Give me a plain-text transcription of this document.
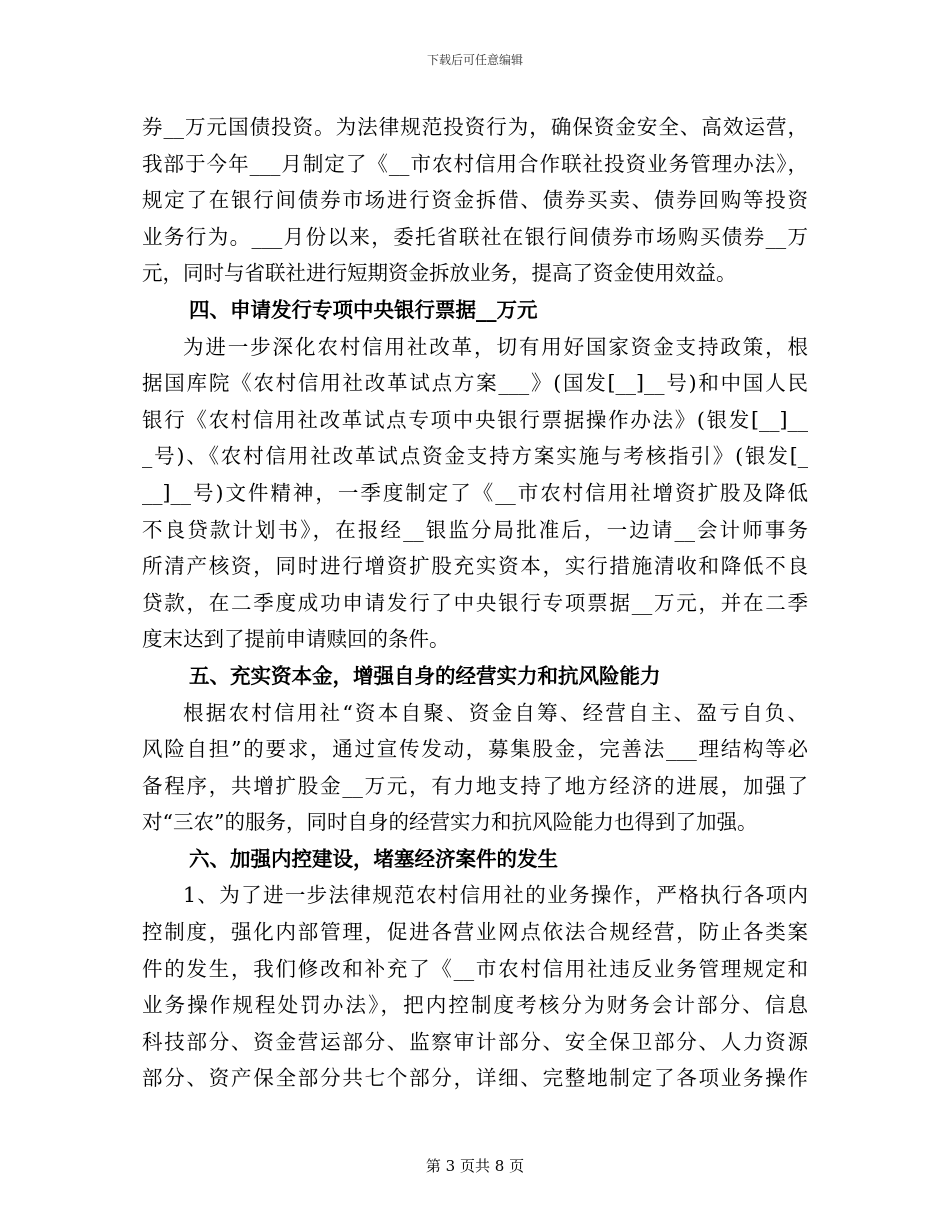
下载后可任意编辑
券__万元国债投资。为法律规范投资行为，确保资金安全、高效运营，
我部于今年___月制定了《__市农村信用合作联社投资业务管理办法》，
规定了在银行间债券市场进行资金拆借、债券买卖、债券回购等投资
业务行为。___月份以来，委托省联社在银行间债券市场购买债券__万
元，同时与省联社进行短期资金拆放业务，提高了资金使用效益。
四、申请发行专项中央银行票据__万元
为进一步深化农村信用社改革，切有用好国家资金支持政策，根
据国库院《农村信用社改革试点方案___》(国发[__]__号)和中国人民
银行《农村信用社改革试点专项中央银行票据操作办法》(银发[__]__
_号)、《农村信用社改革试点资金支持方案实施与考核指引》(银发[_
__]__号)文件精神，一季度制定了《__市农村信用社增资扩股及降低
不良贷款计划书》，在报经__银监分局批准后，一边请__会计师事务
所清产核资，同时进行增资扩股充实资本，实行措施清收和降低不良
贷款，在二季度成功申请发行了中央银行专项票据__万元，并在二季
度末达到了提前申请赎回的条件。
五、充实资本金，增强自身的经营实力和抗风险能力
根据农村信用社“资本自聚、资金自筹、经营自主、盈亏自负、
风险自担”的要求，通过宣传发动，募集股金，完善法___理结构等必
备程序，共增扩股金__万元，有力地支持了地方经济的进展，加强了
对“三农”的服务，同时自身的经营实力和抗风险能力也得到了加强。
六、加强内控建设，堵塞经济案件的发生
1、为了进一步法律规范农村信用社的业务操作，严格执行各项内
控制度，强化内部管理，促进各营业网点依法合规经营，防止各类案
件的发生，我们修改和补充了《__市农村信用社违反业务管理规定和
业务操作规程处罚办法》，把内控制度考核分为财务会计部分、信息
科技部分、资金营运部分、监察审计部分、安全保卫部分、人力资源
部分、资产保全部分共七个部分，详细、完整地制定了各项业务操作
第 3 页共 8 页
